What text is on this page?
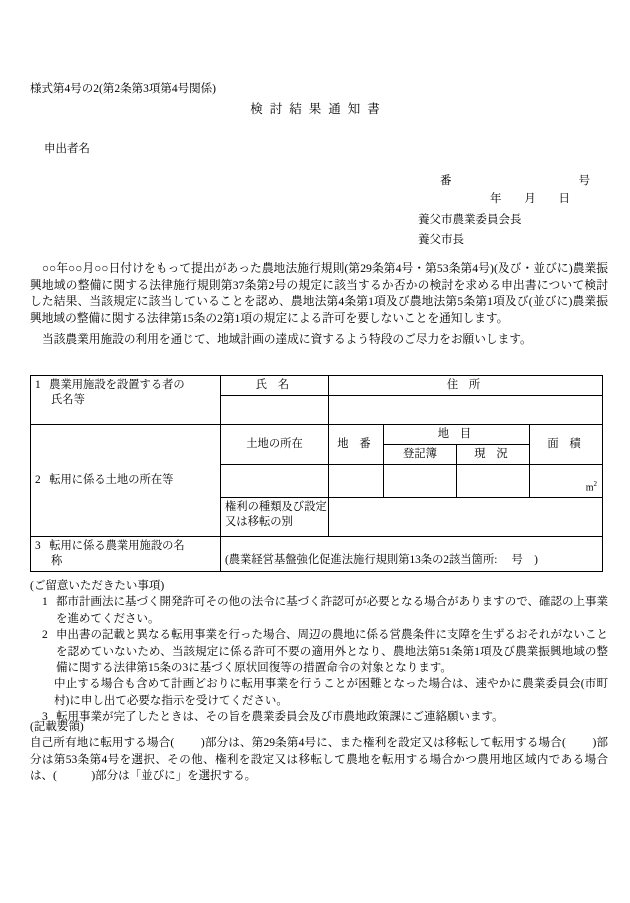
様式第4号の2(第2条第3項第4号関係)
検討結果通知書
申出者名
番	号
年 月 日
養父市農業委員会長
養父市長

○○年○○月○○日付けをもって提出があった農地法施行規則(第29条第4号・第53条第4号)(及び・並びに)農業振興地域の整備に関する法律施行規則第37条第2号の規定に該当するか否かの検討を求める申出書について検討した結果、当該規定に該当していることを認め、農地法第4条第1項及び農地法第5条第1項及び(並びに)農業振興地域の整備に関する法律第15条の2第1項の規定による許可を要しないことを通知します。

当該農業用施設の利用を通じて、地域計画の達成に資するよう特段のご尽力をお願いします。

1 農業用施設を設置する者の
氏名等	氏 名	住 所			

2 転用に係る土地の所在等	土地の所在	地 番	地 目		面 積
			登記簿	現 況	

					$m^2$

	権利の種類及び設定
又は移転の別				

3 転用に係る農業用施設の名
称	(農業経営基盤強化促進法施行規則第13条の2該当箇所:　 号　)				
(ご留意いただきたい事項)
1 都市計画法に基づく開発許可その他の法令に基づく許認可が必要となる場合がありますので、確認の上事業を進めてください。
2 申出書の記載と異なる転用事業を行った場合、周辺の農地に係る営農条件に支障を生ずるおそれがないことを認めていないため、当該規定に係る許可不要の適用外となり、農地法第51条第1項及び農業振興地域の整備に関する法律第15条の3に基づく原状回復等の措置命令の対象となります。
中止する場合も含めて計画どおりに転用事業を行うことが困難となった場合は、速やかに農業委員会(市町村)に申し出て必要な指示を受けてください。
3 転用事業が完了したときは、その旨を農業委員会及び市農地政策課にご連絡願います。
(記載要領)
自己所有地に転用する場合(　　 )部分は、第29条第4号に、また権利を設定又は移転して転用する場合(　　 )部分は第53条第4号を選択、その他、権利を設定又は移転して農地を転用する場合かつ農用地区域内である場合は、(　　　)部分は「並びに」を選択する。
